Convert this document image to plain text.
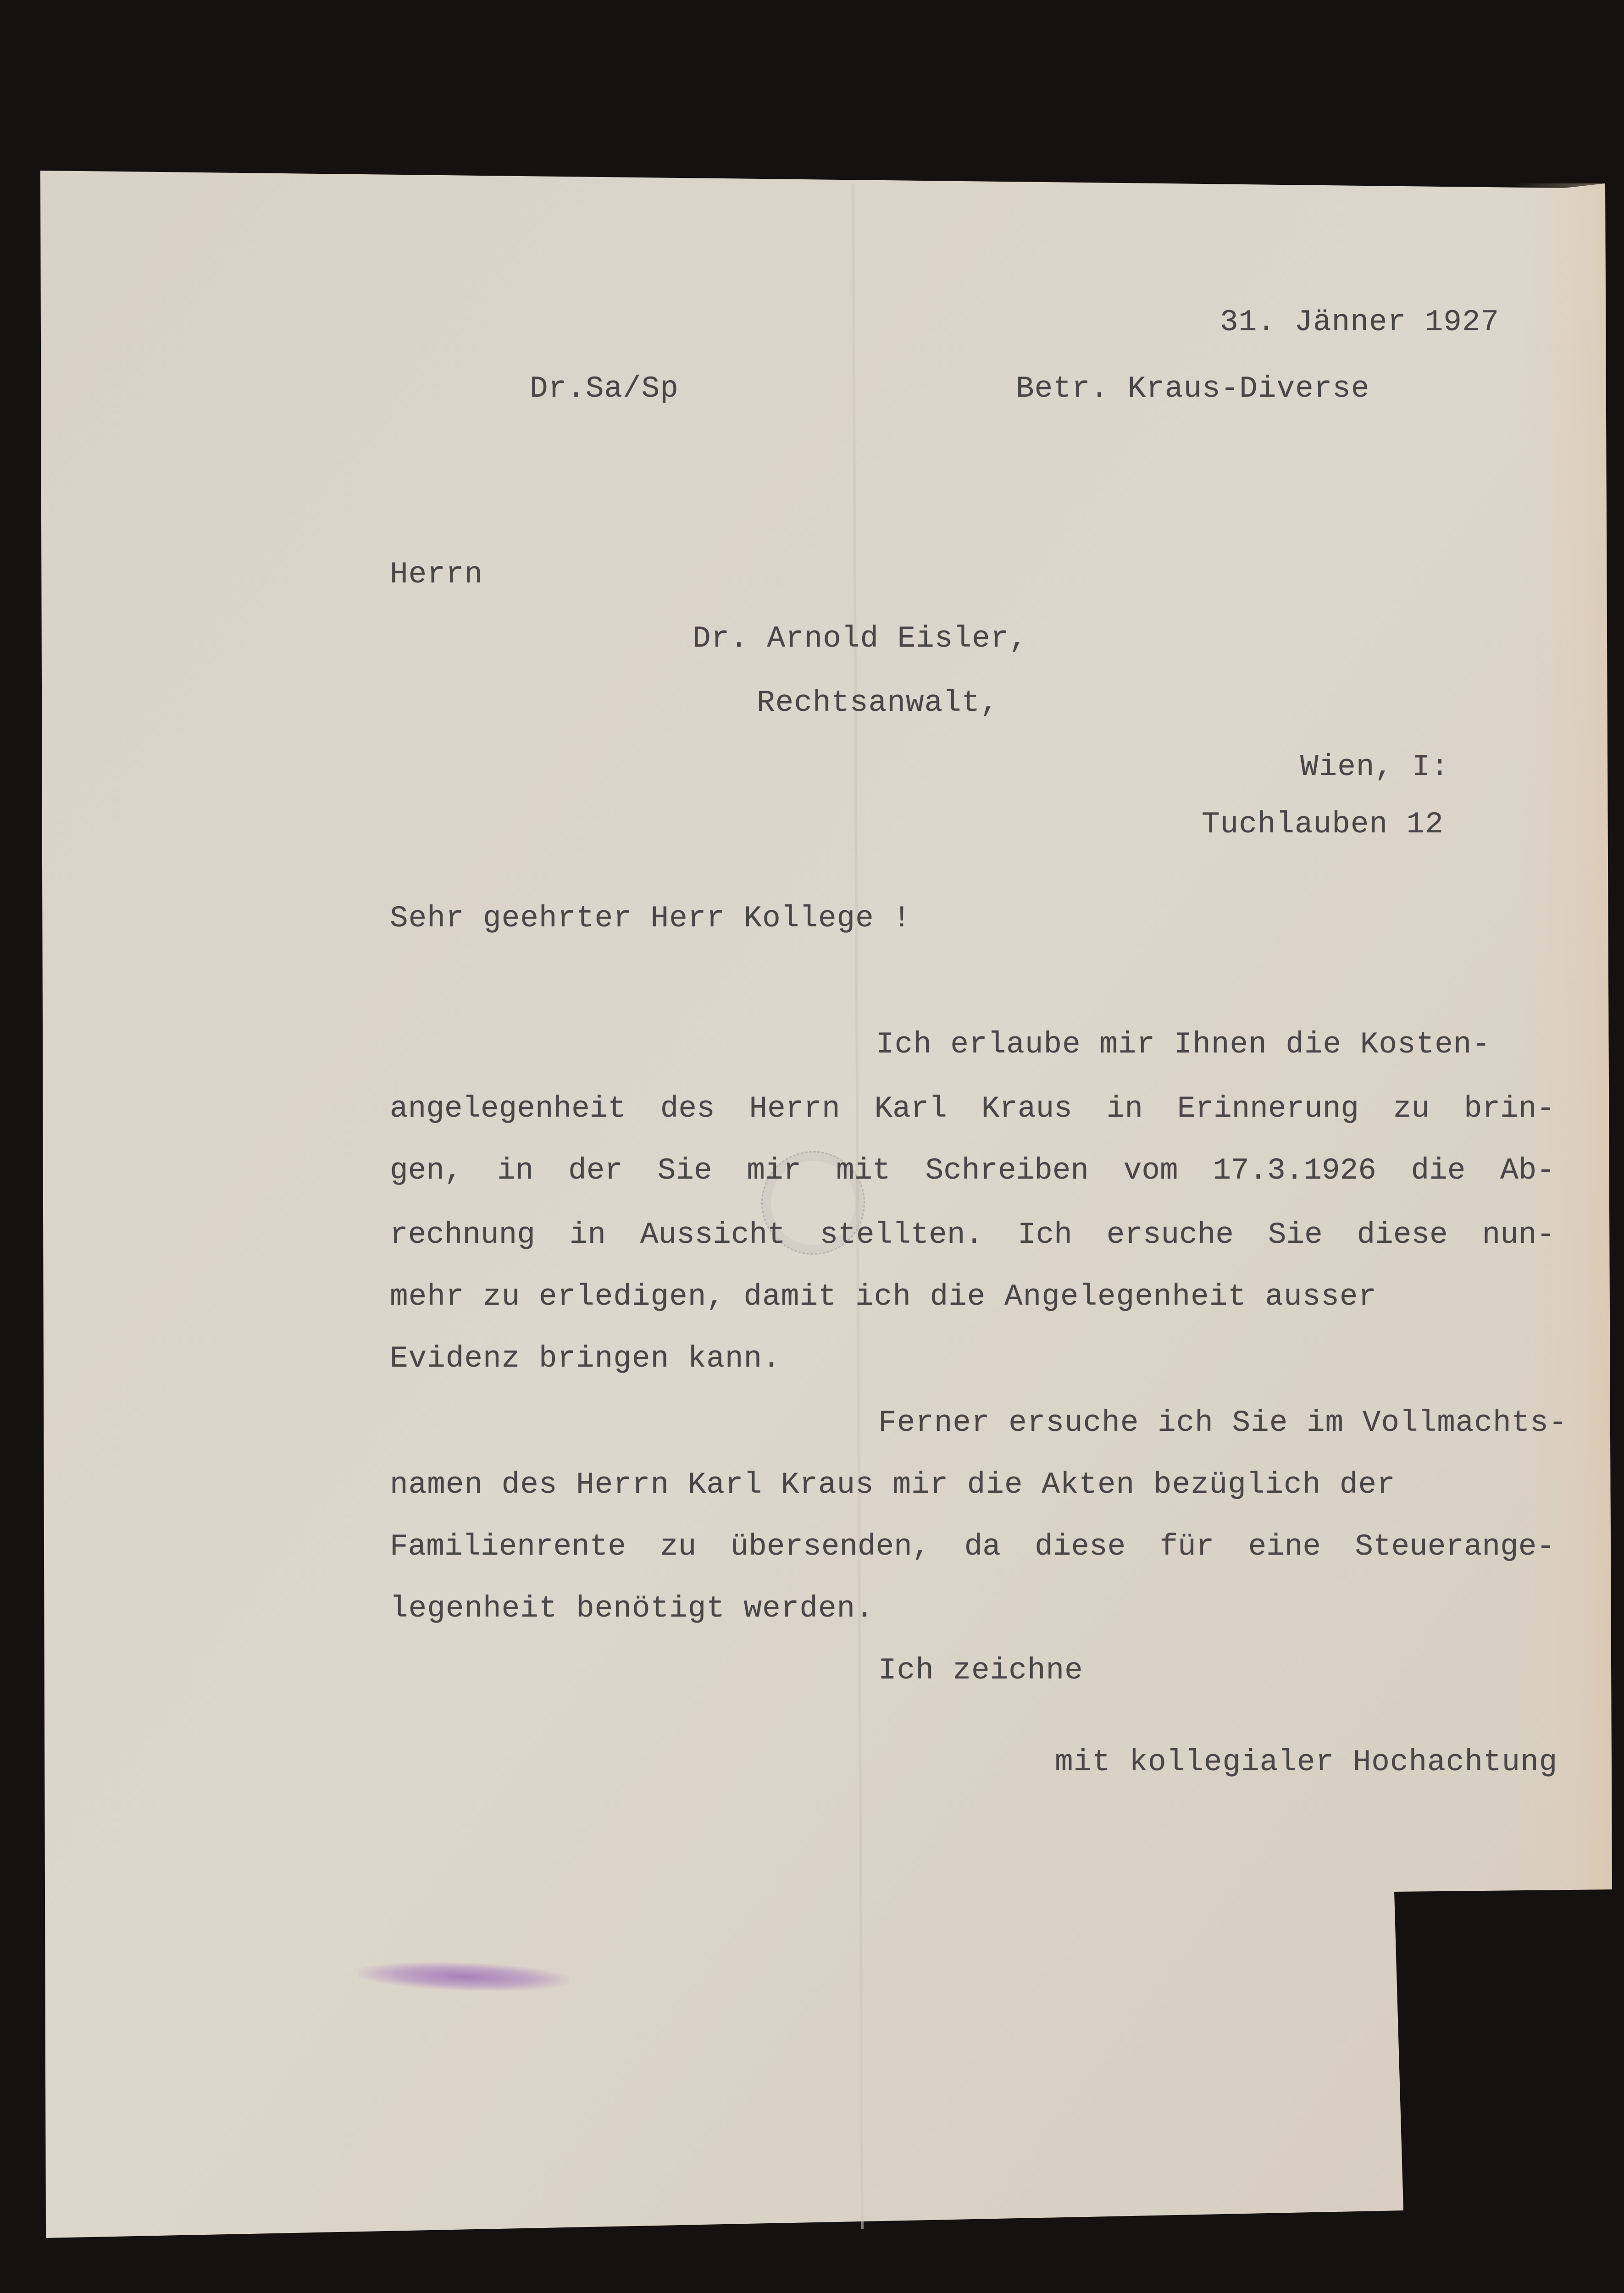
31. Jänner 1927
Dr.Sa/Sp	Betr. Kraus-Diverse
Herrn
Dr. Arnold Eisler,
Rechtsanwalt,
Wien, I:
Tuchlauben 12
Sehr geehrter Herr Kollege !
Ich erlaube mir Ihnen die Kosten-
angelegenheit des Herrn Karl Kraus in Erinnerung zu brin-
gen, in der Sie mir mit Schreiben vom 17.3.1926 die Ab-
rechnung in Aussicht stellten. Ich ersuche Sie diese nun-
mehr zu erledigen, damit ich die Angelegenheit ausser
Evidenz bringen kann.
Ferner ersuche ich Sie im Vollmachts-
namen des Herrn Karl Kraus mir die Akten bezüglich der
Familienrente zu übersenden, da diese für eine Steuerange-
legenheit benötigt werden.
Ich zeichne
mit kollegialer Hochachtung
